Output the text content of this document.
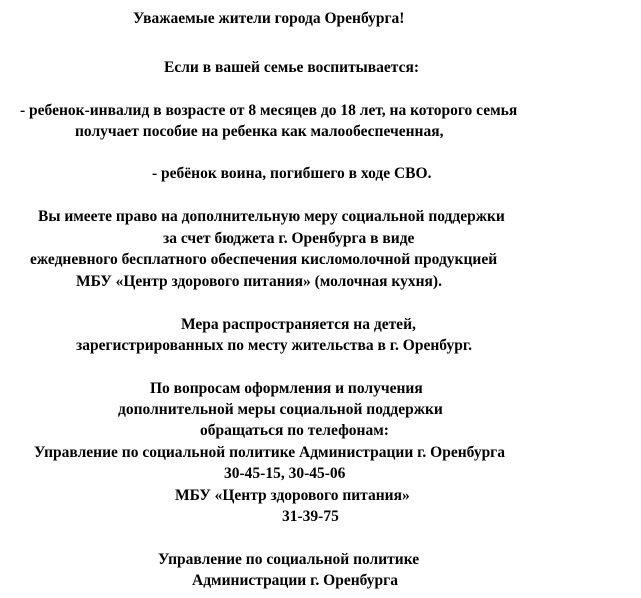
Уважаемые жители города Оренбурга!
Если в вашей семье воспитывается:
- ребенок-инвалид в возрасте от 8 месяцев до 18 лет, на которого семья
получает пособие на ребенка как малообеспеченная,
- ребёнок воина, погибшего в ходе СВО.
Вы имеете право на дополнительную меру социальной поддержки
за счет бюджета г. Оренбурга в виде
ежедневного бесплатного обеспечения кисломолочной продукцией
МБУ «Центр здорового питания» (молочная кухня).
Мера распространяется на детей,
зарегистрированных по месту жительства в г. Оренбург.
По вопросам оформления и получения
дополнительной меры социальной поддержки
обращаться по телефонам:
Управление по социальной политике Администрации г. Оренбурга
30-45-15, 30-45-06
МБУ «Центр здорового питания»
31-39-75
Управление по социальной политике
Администрации г. Оренбурга
